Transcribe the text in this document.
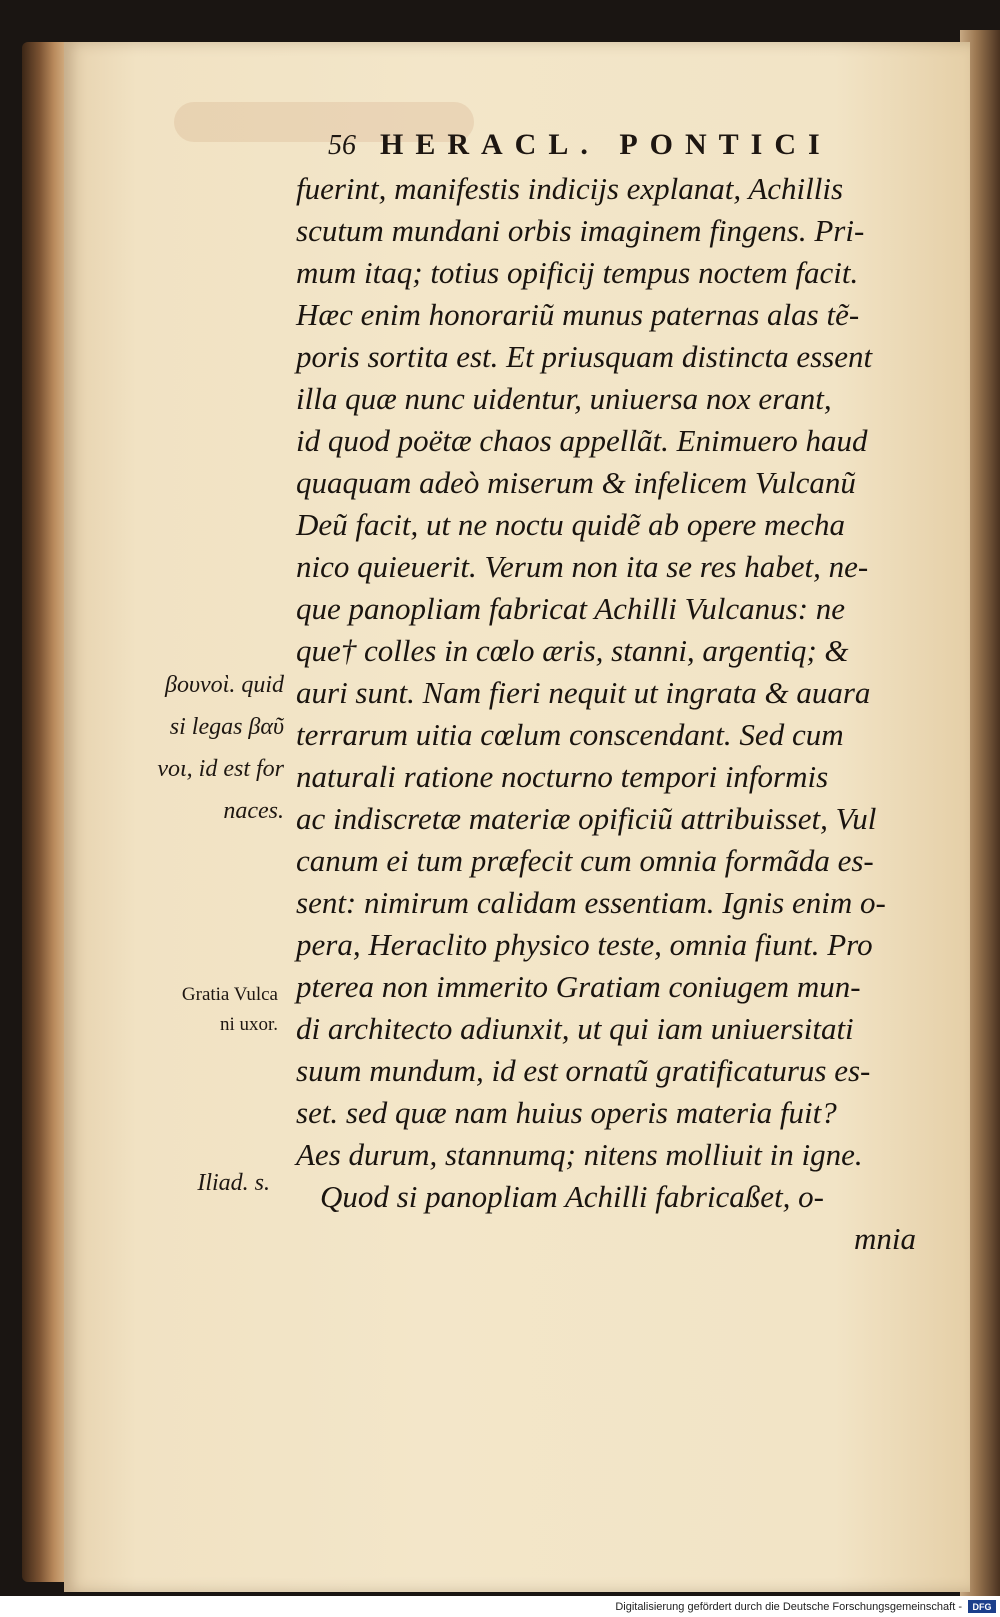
56 HERACL. PONTICI
fuerint, manifestis indicijs explanat, Achillis
scutum mundani orbis imaginem fingens. Pri-
mum itaq; totius opificij tempus noctem facit.
Hæc enim honorariũ munus paternas alas tẽ-
poris sortita est. Et priusquam distincta essent
illa quæ nunc uidentur, uniuersa nox erant,
id quod poëtæ chaos appellãt. Enimuero haud
quaquam adeò miserum & infelicem Vulcanũ
Deũ facit, ut ne noctu quidẽ ab opere mecha
nico quieuerit. Verum non ita se res habet, ne-
que panopliam fabricat Achilli Vulcanus: ne
que† colles in cœlo æris, stanni, argentiq; &
auri sunt. Nam fieri nequit ut ingrata & auara
terrarum uitia cœlum conscendant. Sed cum
naturali ratione nocturno tempori informis
ac indiscretæ materiæ opificiũ attribuisset, Vul
canum ei tum præfecit cum omnia formãda es-
sent: nimirum calidam essentiam. Ignis enim o-
pera, Heraclito physico teste, omnia fiunt. Pro
pterea non immerito Gratiam coniugem mun-
di architecto adiunxit, ut qui iam uniuersitati
suum mundum, id est ornatũ gratificaturus es-
set. sed quæ nam huius operis materia fuit?
Aes durum, stannumq; nitens molliuit in igne.
Quod si panopliam Achilli fabricaßet, o-
mnia
βουνοὶ. quid
si legas βαῦ
νοι, id est for
naces.
Gratia Vulca
ni uxor.
Iliad. s.
Digitalisierung gefördert durch die Deutsche Forschungsgemeinschaft -	DFG
